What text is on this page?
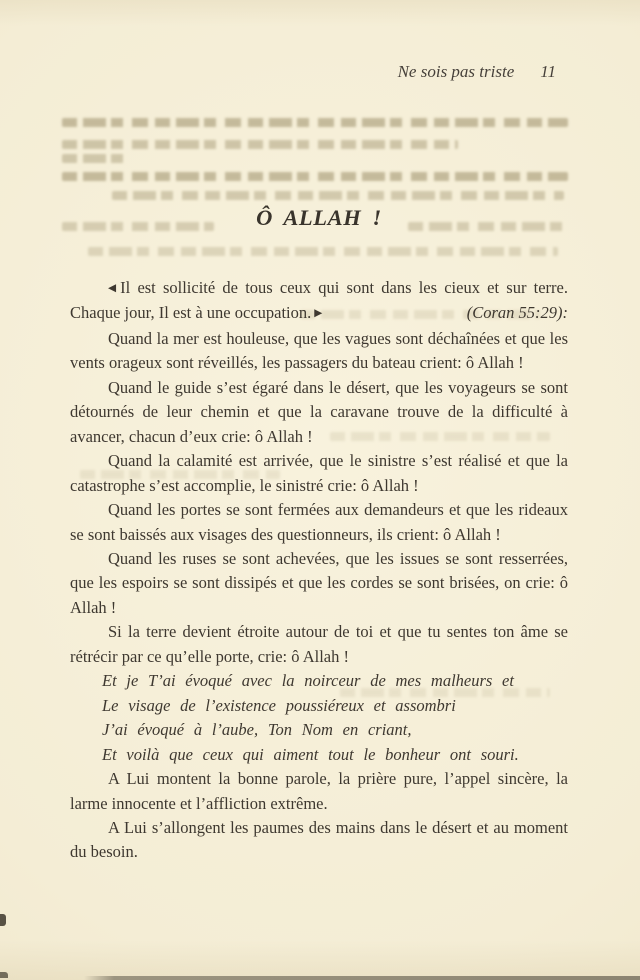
Ne sois pas triste 11
Ô ALLAH !

◀Il est sollicité de tous ceux qui sont dans les cieux et sur terre. Chaque jour, Il est à une occupation. ▶	(Coran 55:29):

Quand la mer est houleuse, que les vagues sont déchaînées et que les vents orageux sont réveillés, les passagers du bateau crient: ô Allah !

Quand le guide s’est égaré dans le désert, que les voyageurs se sont détournés de leur chemin et que la caravane trouve de la difficulté à avancer, chacun d’eux crie: ô Allah !

Quand la calamité est arrivée, que le sinistre s’est réalisé et que la catastrophe s’est accomplie, le sinistré crie: ô Allah !

Quand les portes se sont fermées aux demandeurs et que les rideaux se sont baissés aux visages des questionneurs, ils crient: ô Allah !

Quand les ruses se sont achevées, que les issues se sont resserrées, que les espoirs se sont dissipés et que les cordes se sont brisées, on crie: ô Allah !

Si la terre devient étroite autour de toi et que tu sentes ton âme se rétrécir par ce qu’elle porte, crie: ô Allah !

Et je T’ai évoqué avec la noirceur de mes malheurs et
Le visage de l’existence poussiéreux et assombri
J’ai évoqué à l’aube, Ton Nom en criant,
Et voilà que ceux qui aiment tout le bonheur ont souri.

A Lui montent la bonne parole, la prière pure, l’appel sincère, la larme innocente et l’affliction extrême.

A Lui s’allongent les paumes des mains dans le désert et au moment du besoin.
